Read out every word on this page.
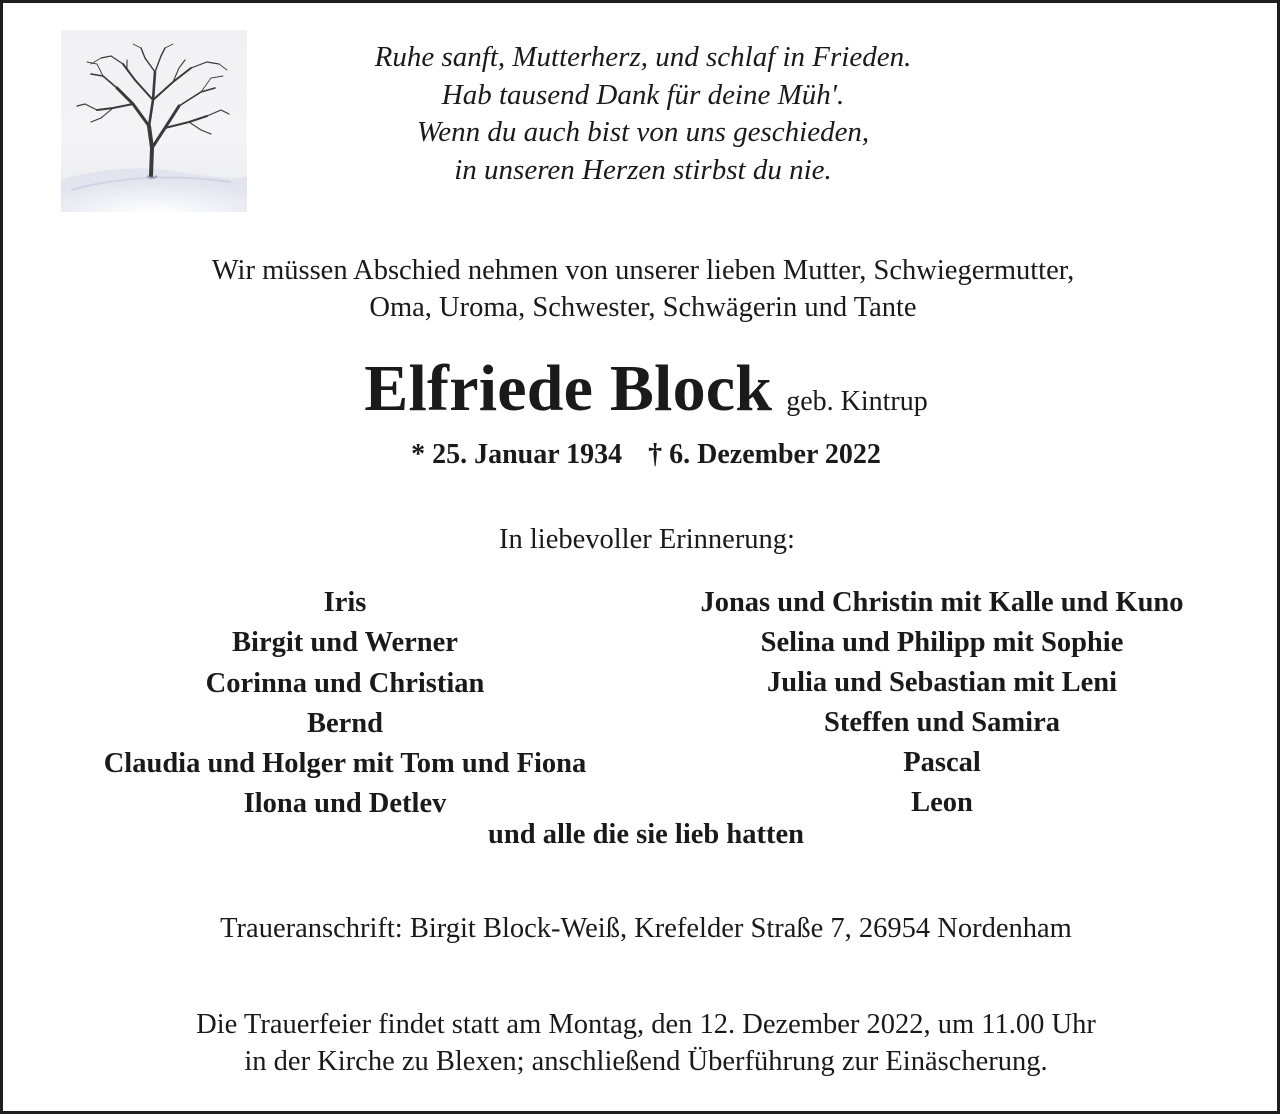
Ruhe sanft, Mutterherz, und schlaf in Frieden.
Hab tausend Dank für deine Müh'.
Wenn du auch bist von uns geschieden,
in unseren Herzen stirbst du nie.
Wir müssen Abschied nehmen von unserer lieben Mutter, Schwiegermutter,
Oma, Uroma, Schwester, Schwägerin und Tante
Elfriede Block geb. Kintrup
* 25. Januar 1934 † 6. Dezember 2022
In liebevoller Erinnerung:
Iris
Birgit und Werner
Corinna und Christian
Bernd
Claudia und Holger mit Tom und Fiona
Ilona und Detlev
Jonas und Christin mit Kalle und Kuno
Selina und Philipp mit Sophie
Julia und Sebastian mit Leni
Steffen und Samira
Pascal
Leon
und alle die sie lieb hatten
Traueranschrift: Birgit Block-Weiß, Krefelder Straße 7, 26954 Nordenham
Die Trauerfeier findet statt am Montag, den 12. Dezember 2022, um 11.00 Uhr
in der Kirche zu Blexen; anschließend Überführung zur Einäscherung.
